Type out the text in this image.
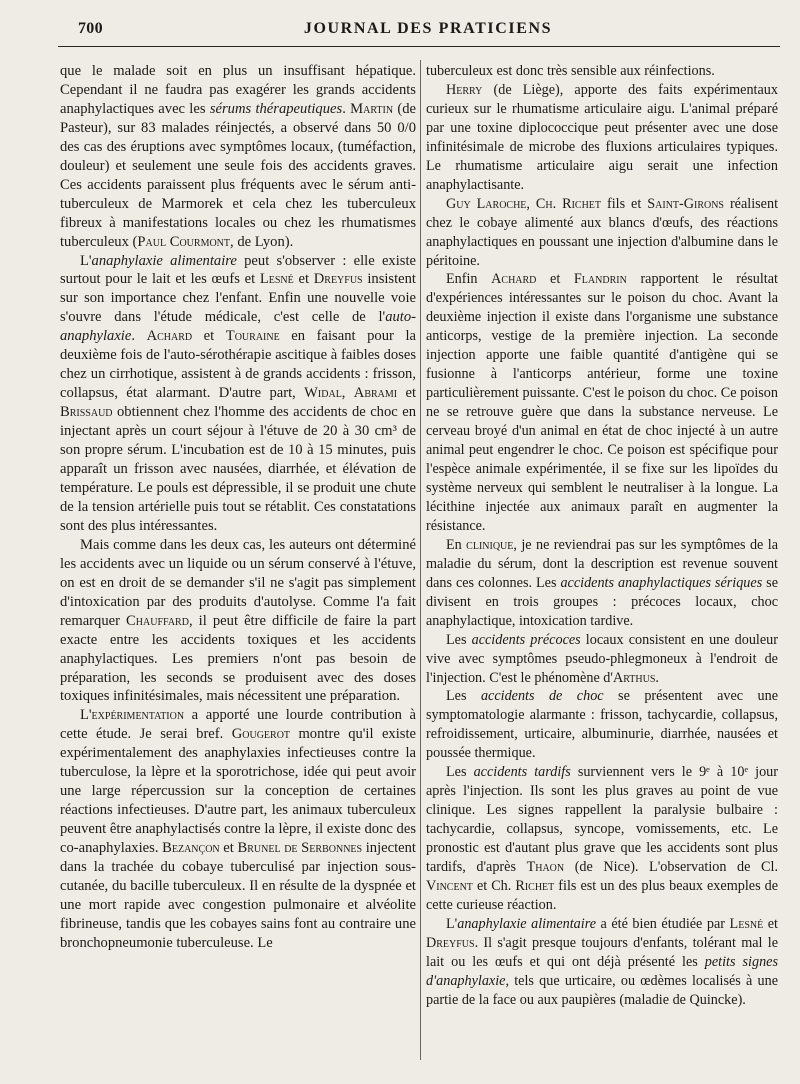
700	JOURNAL DES PRATICIENS

que le malade soit en plus un insuffisant hépatique. Cependant il ne faudra pas exagérer les grands accidents anaphylactiques avec les sérums thérapeutiques. Martin (de Pasteur), sur 83 malades réinjectés, a observé dans 50 0/0 des cas des éruptions avec symptômes locaux, (tuméfaction, douleur) et seulement une seule fois des accidents graves. Ces accidents paraissent plus fréquents avec le sérum anti-tuberculeux de Marmorek et cela chez les tuberculeux fibreux à manifestations locales ou chez les rhumatismes tuberculeux (Paul Courmont, de Lyon).

L'anaphylaxie alimentaire peut s'observer : elle existe surtout pour le lait et les œufs et Lesné et Dreyfus insistent sur son importance chez l'enfant. Enfin une nouvelle voie s'ouvre dans l'étude médicale, c'est celle de l'auto-anaphylaxie. Achard et Touraine en faisant pour la deuxième fois de l'auto-sérothérapie ascitique à faibles doses chez un cirrhotique, assistent à de grands accidents : frisson, collapsus, état alarmant. D'autre part, Widal, Abrami et Brissaud obtiennent chez l'homme des accidents de choc en injectant après un court séjour à l'étuve de 20 à 30 cm³ de son propre sérum. L'incubation est de 10 à 15 minutes, puis apparaît un frisson avec nausées, diarrhée, et élévation de température. Le pouls est dépressible, il se produit une chute de la tension artérielle puis tout se rétablit. Ces constatations sont des plus intéressantes.

Mais comme dans les deux cas, les auteurs ont déterminé les accidents avec un liquide ou un sérum conservé à l'étuve, on est en droit de se demander s'il ne s'agit pas simplement d'intoxication par des produits d'autolyse. Comme l'a fait remarquer Chauffard, il peut être difficile de faire la part exacte entre les accidents toxiques et les accidents anaphylactiques. Les premiers n'ont pas besoin de préparation, les seconds se produisent avec des doses toxiques infinitésimales, mais nécessitent une préparation.

L'expérimentation a apporté une lourde contribution à cette étude. Je serai bref. Gougerot montre qu'il existe expérimentalement des anaphylaxies infectieuses contre la tuberculose, la lèpre et la sporotrichose, idée qui peut avoir une large répercussion sur la conception de certaines réactions infectieuses. D'autre part, les animaux tuberculeux peuvent être anaphylactisés contre la lèpre, il existe donc des co-anaphylaxies. Bezançon et Brunel de Serbonnes injectent dans la trachée du cobaye tuberculisé par injection sous-cutanée, du bacille tuberculeux. Il en résulte de la dyspnée et une mort rapide avec congestion pulmonaire et alvéolite fibrineuse, tandis que les cobayes sains font au contraire une bronchopneumonie tuberculeuse. Le

tuberculeux est donc très sensible aux réinfections.

Herry (de Liège), apporte des faits expérimentaux curieux sur le rhumatisme articulaire aigu. L'animal préparé par une toxine diplococcique peut présenter avec une dose infinitésimale de microbe des fluxions articulaires typiques. Le rhumatisme articulaire aigu serait une infection anaphylactisante.

Guy Laroche, Ch. Richet fils et Saint-Girons réalisent chez le cobaye alimenté aux blancs d'œufs, des réactions anaphylactiques en poussant une injection d'albumine dans le péritoine.

Enfin Achard et Flandrin rapportent le résultat d'expériences intéressantes sur le poison du choc. Avant la deuxième injection il existe dans l'organisme une substance anticorps, vestige de la première injection. La seconde injection apporte une faible quantité d'antigène qui se fusionne à l'anticorps antérieur, forme une toxine particulièrement puissante. C'est le poison du choc. Ce poison ne se retrouve guère que dans la substance nerveuse. Le cerveau broyé d'un animal en état de choc injecté à un autre animal peut engendrer le choc. Ce poison est spécifique pour l'espèce animale expérimentée, il se fixe sur les lipoïdes du système nerveux qui semblent le neutraliser à la longue. La lécithine injectée aux animaux paraît en augmenter la résistance.

En clinique, je ne reviendrai pas sur les symptômes de la maladie du sérum, dont la description est revenue souvent dans ces colonnes. Les accidents anaphylactiques sériques se divisent en trois groupes : précoces locaux, choc anaphylactique, intoxication tardive.

Les accidents précoces locaux consistent en une douleur vive avec symptômes pseudo-phlegmoneux à l'endroit de l'injection. C'est le phénomène d'Arthus.

Les accidents de choc se présentent avec une symptomatologie alarmante : frisson, tachycardie, collapsus, refroidissement, urticaire, albuminurie, diarrhée, nausées et poussée thermique.

Les accidents tardifs surviennent vers le 9ᵉ à 10ᵉ jour après l'injection. Ils sont les plus graves au point de vue clinique. Les signes rappellent la paralysie bulbaire : tachycardie, collapsus, syncope, vomissements, etc. Le pronostic est d'autant plus grave que les accidents sont plus tardifs, d'après Thaon (de Nice). L'observation de Cl. Vincent et Ch. Richet fils est un des plus beaux exemples de cette curieuse réaction.

L'anaphylaxie alimentaire a été bien étudiée par Lesné et Dreyfus. Il s'agit presque toujours d'enfants, tolérant mal le lait ou les œufs et qui ont déjà présenté les petits signes d'anaphylaxie, tels que urticaire, ou œdèmes localisés à une partie de la face ou aux paupières (maladie de Quincke).
